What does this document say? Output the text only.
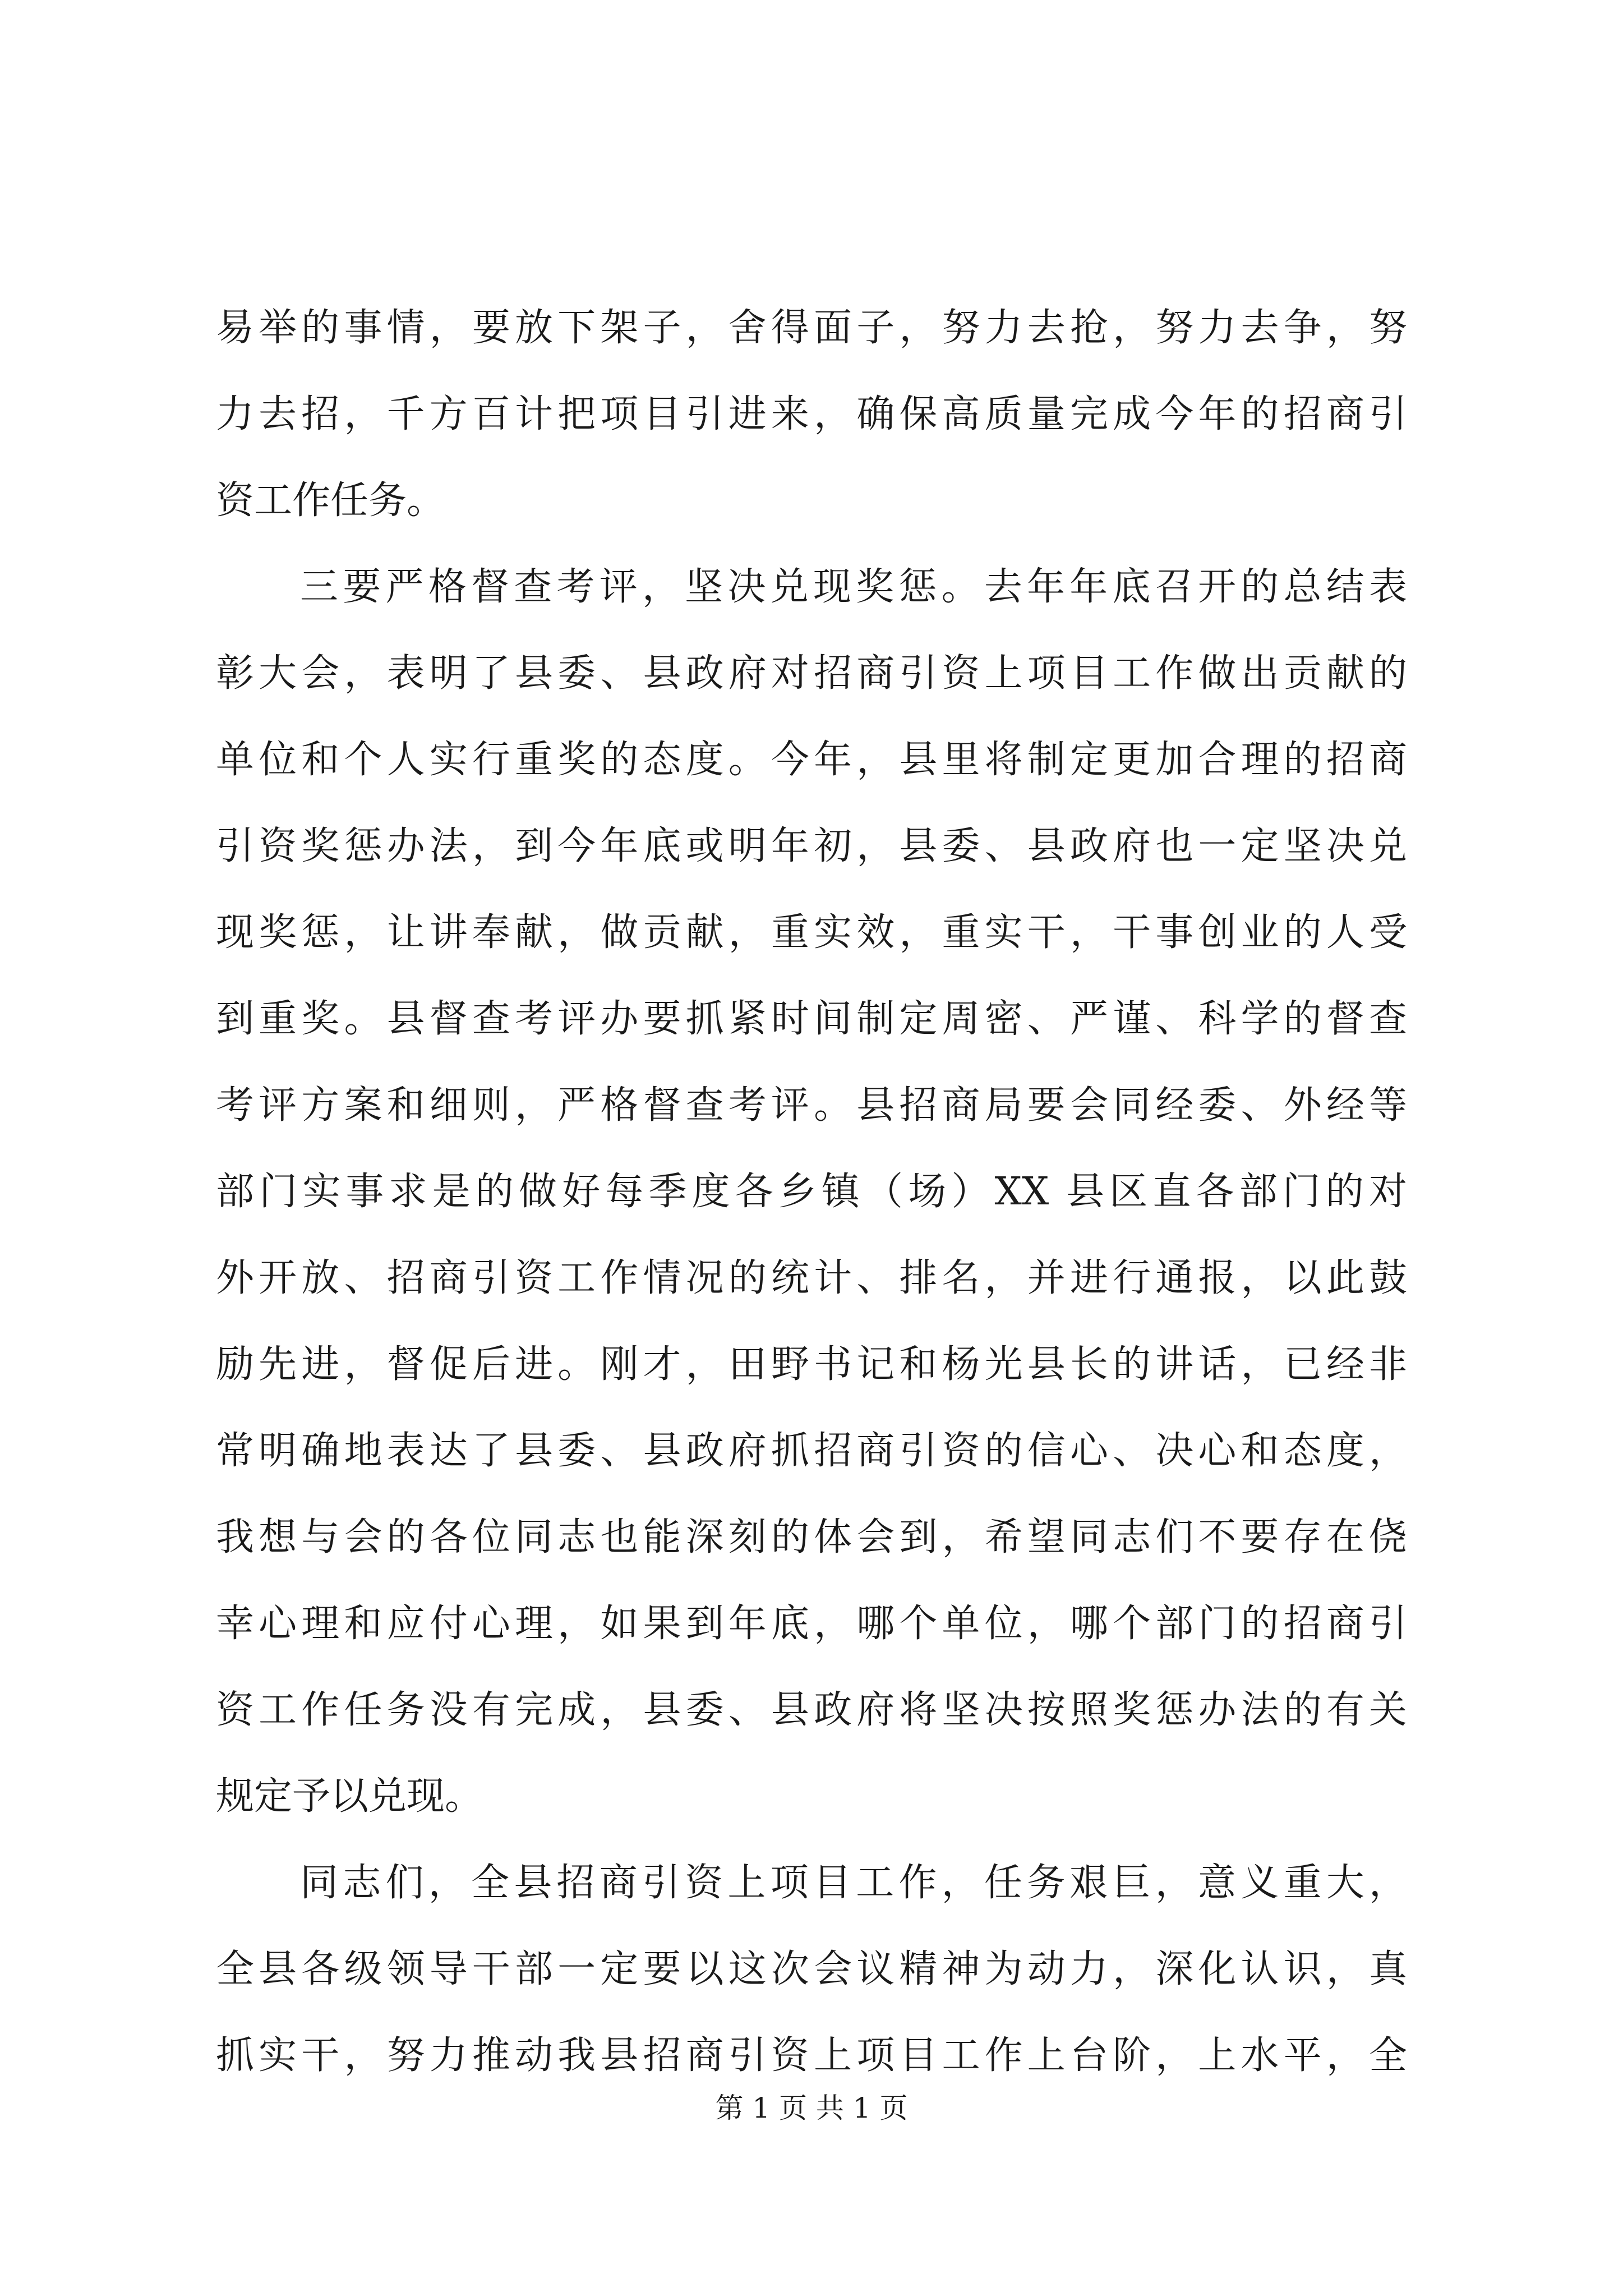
易举的事情，要放下架子，舍得面子，努力去抢，努力去争，努

力去招，千方百计把项目引进来，确保高质量完成今年的招商引

资工作任务。

三要严格督查考评，坚决兑现奖惩。去年年底召开的总结表

彰大会，表明了县委、县政府对招商引资上项目工作做出贡献的

单位和个人实行重奖的态度。今年，县里将制定更加合理的招商

引资奖惩办法，到今年底或明年初，县委、县政府也一定坚决兑

现奖惩，让讲奉献，做贡献，重实效，重实干，干事创业的人受

到重奖。县督查考评办要抓紧时间制定周密、严谨、科学的督查

考评方案和细则，严格督查考评。县招商局要会同经委、外经等

部门实事求是的做好每季度各乡镇（场）XX 县区直各部门的对

外开放、招商引资工作情况的统计、排名，并进行通报，以此鼓

励先进，督促后进。刚才，田野书记和杨光县长的讲话，已经非

常明确地表达了县委、县政府抓招商引资的信心、决心和态度，

我想与会的各位同志也能深刻的体会到，希望同志们不要存在侥

幸心理和应付心理，如果到年底，哪个单位，哪个部门的招商引

资工作任务没有完成，县委、县政府将坚决按照奖惩办法的有关

规定予以兑现。

同志们，全县招商引资上项目工作，任务艰巨，意义重大，

全县各级领导干部一定要以这次会议精神为动力，深化认识，真

抓实干，努力推动我县招商引资上项目工作上台阶，上水平，全

第 1 页 共 1 页
